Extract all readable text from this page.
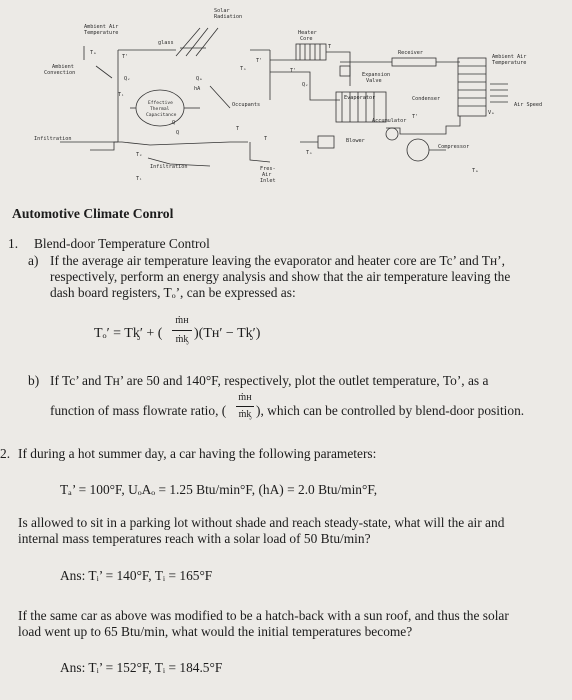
Solar
Radiation
Ambient Air
Temperature
glass
Heater
Core
Receiver
Ambient Air
Temperature
Ambient
Convection	Expansion
Valve
Evaporator	Condenser
Air Speed
Effective
Thermal
Capacitance
Occupants
hA
Accumulator
Infiltration	Blower
Compressor
Infiltration	Fres-
Air
Inlet
Tₐ
T'
Qᵥ	Qₐ
Tₒ
T'
T
T'
Tᵢ
Q
Q
T
T
Tₒ
T'
Qᵥ
Vₐ
Tₐ
Tₓ
Tᵢ
Automotive Climate Conrol
1. Blend-door Temperature Control
a) If the average air temperature leaving the evaporator and heater core are Tc’ and Tʜ’,
respectively, perform an energy analysis and show that the air temperature leaving the
dash board registers, Tₒ’, can be expressed as:
Tₒ′ = Tᶄ′ + (
ṁʜ
ṁᶄ )(Tʜ′ − Tᶄ′)
b) If Tc’ and Tʜ’ are 50 and 140°F, respectively, plot the outlet temperature, To’, as a
function of mass flowrate ratio, (
ṁʜ
ṁᶄ ), which can be controlled by blend-door position.
2. If during a hot summer day, a car having the following parameters:
Tₐ’ = 100°F, UₒAₒ = 1.25 Btu/min°F, (hA) = 2.0 Btu/min°F,
Is allowed to sit in a parking lot without shade and reach steady-state, what will the air and
internal mass temperatures reach with a solar load of 50 Btu/min?
Ans: Tᵢ’ = 140°F, Tᵢ = 165°F
If the same car as above was modified to be a hatch-back with a sun roof, and thus the solar
load went up to 65 Btu/min, what would the initial temperatures become?
Ans: Tᵢ’ = 152°F, Tᵢ = 184.5°F
